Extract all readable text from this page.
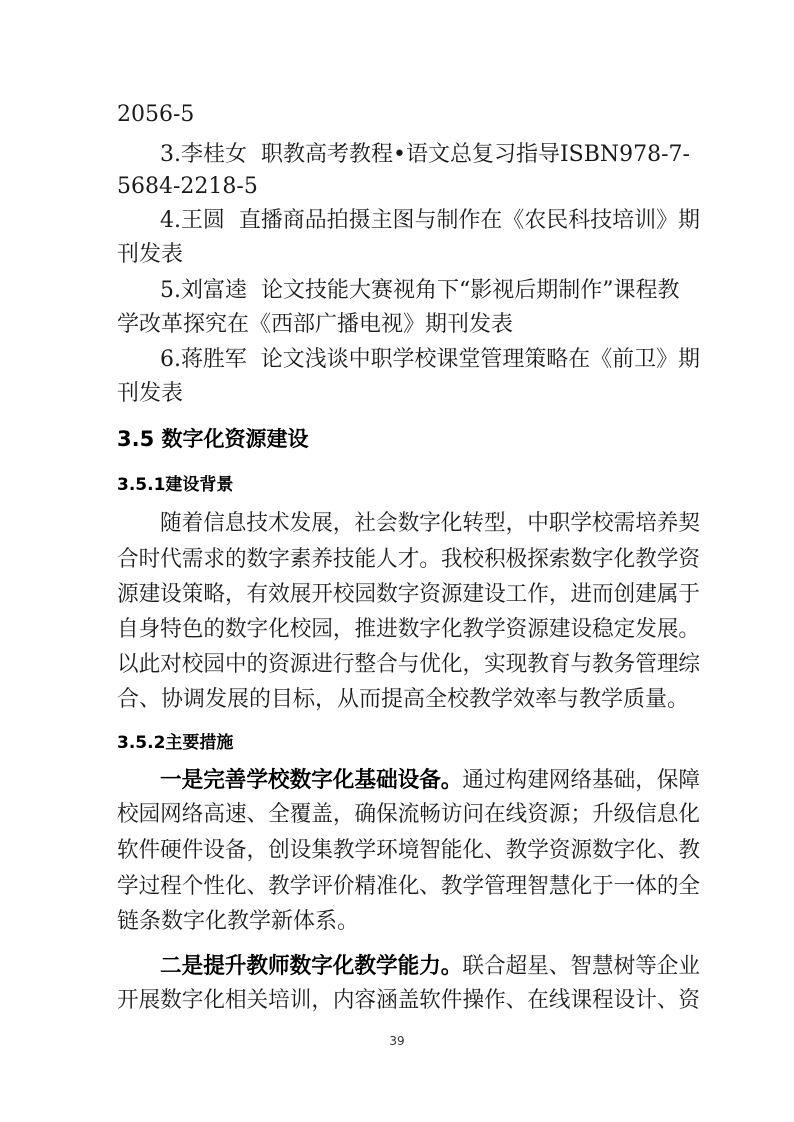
2056-5

3.李桂女  职教高考教程•语文总复习指导ISBN978-7-

5684-2218-5

4.王圆  直播商品拍摄主图与制作在《农民科技培训》期

刊发表

5.刘富逵  论文技能大赛视角下“影视后期制作”课程教

学改革探究在《西部广播电视》期刊发表

6.蒋胜军  论文浅谈中职学校课堂管理策略在《前卫》期

刊发表

3.5 数字化资源建设
3.5.1建设背景

随着信息技术发展，社会数字化转型，中职学校需培养契

合时代需求的数字素养技能人才。我校积极探索数字化教学资

源建设策略，有效展开校园数字资源建设工作，进而创建属于

自身特色的数字化校园，推进数字化教学资源建设稳定发展。

以此对校园中的资源进行整合与优化，实现教育与教务管理综

合、协调发展的目标，从而提高全校教学效率与教学质量。

3.5.2主要措施

一是完善学校数字化基础设备。通过构建网络基础，保障

校园网络高速、全覆盖，确保流畅访问在线资源；升级信息化

软件硬件设备，创设集教学环境智能化、教学资源数字化、教

学过程个性化、教学评价精准化、教学管理智慧化于一体的全

链条数字化教学新体系。

二是提升教师数字化教学能力。联合超星、智慧树等企业

开展数字化相关培训，内容涵盖软件操作、在线课程设计、资

39
